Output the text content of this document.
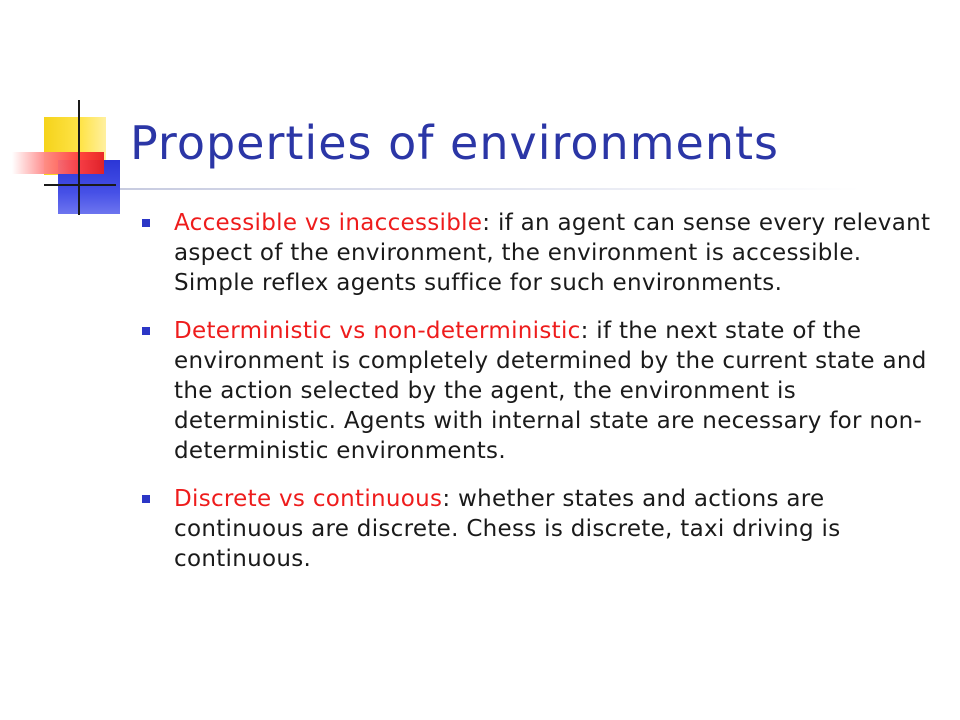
Properties of environments
Accessible vs inaccessible: if an agent can sense every relevant aspect of the environment, the environment is accessible. Simple reflex agents suffice for such environments.
Deterministic vs non-deterministic: if the next state of the environment is completely determined by the current state and the action selected by the agent, the environment is deterministic. Agents with internal state are necessary for non-deterministic environments.
Discrete vs continuous: whether states and actions are continuous are discrete. Chess is discrete, taxi driving is continuous.
